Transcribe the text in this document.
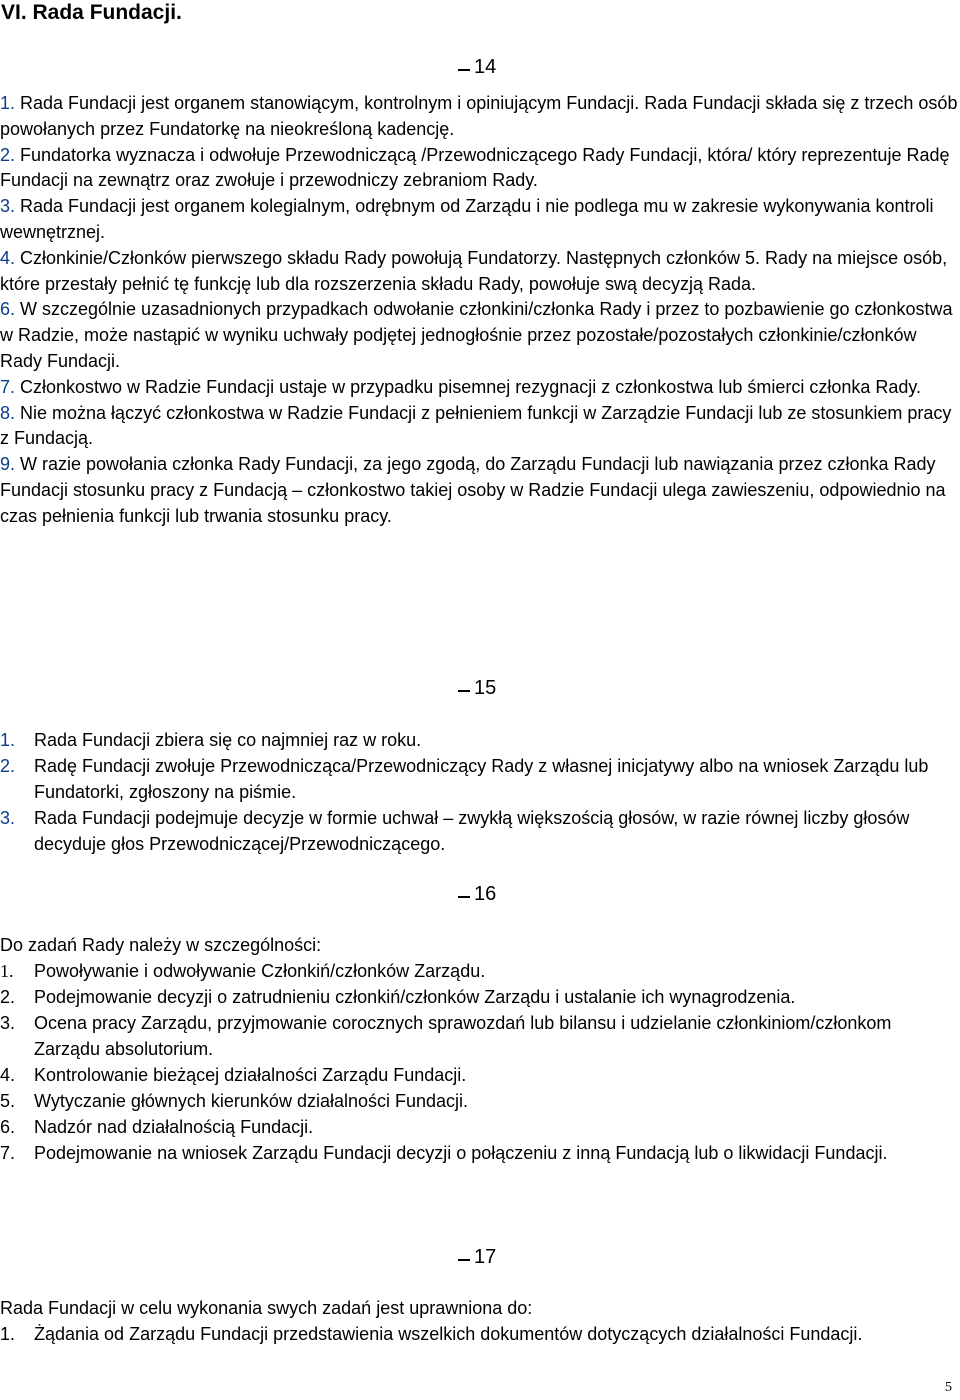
VI. Rada Fundacji.
14

1. Rada Fundacji jest organem stanowiącym, kontrolnym i opiniującym Fundacji. Rada Fundacji składa się z trzech osób powołanych przez Fundatorkę na nieokreśloną kadencję.

2. Fundatorka wyznacza i odwołuje Przewodniczącą /Przewodniczącego Rady Fundacji, która/ który reprezentuje Radę Fundacji na zewnątrz oraz zwołuje i przewodniczy zebraniom Rady.

3. Rada Fundacji jest organem kolegialnym, odrębnym od Zarządu i nie podlega mu w zakresie wykonywania kontroli wewnętrznej.

4. Członkinie/Członków pierwszego składu Rady powołują Fundatorzy. Następnych członków 5. Rady na miejsce osób, które przestały pełnić tę funkcję lub dla rozszerzenia składu Rady, powołuje swą decyzją Rada.

6. W szczególnie uzasadnionych przypadkach odwołanie członkini/członka Rady i przez to pozbawienie go członkostwa w Radzie, może nastąpić w wyniku uchwały podjętej jednogłośnie przez pozostałe/pozostałych członkinie/członków Rady Fundacji.

7. Członkostwo w Radzie Fundacji ustaje w przypadku pisemnej rezygnacji z członkostwa lub śmierci członka Rady.

8. Nie można łączyć członkostwa w Radzie Fundacji z pełnieniem funkcji w Zarządzie Fundacji lub ze stosunkiem pracy z Fundacją.

9. W razie powołania członka Rady Fundacji, za jego zgodą, do Zarządu Fundacji lub nawiązania przez członka Rady Fundacji stosunku pracy z Fundacją – członkostwo takiej osoby w Radzie Fundacji ulega zawieszeniu, odpowiednio na czas pełnienia funkcji lub trwania stosunku pracy.

15
1.	Rada Fundacji zbiera się co najmniej raz w roku.
2.	Radę Fundacji zwołuje Przewodnicząca/Przewodniczący Rady z własnej inicjatywy albo na wniosek Zarządu lub Fundatorki, zgłoszony na piśmie.
3.	Rada Fundacji podejmuje decyzje w formie uchwał – zwykłą większością głosów, w razie równej liczby głosów decyduje głos Przewodniczącej/Przewodniczącego.
16
Do zadań Rady należy w szczególności:
1.	Powoływanie i odwoływanie Członkiń/członków Zarządu.
2.	Podejmowanie decyzji o zatrudnieniu członkiń/członków Zarządu i ustalanie ich wynagrodzenia.
3.	Ocena pracy Zarządu, przyjmowanie corocznych sprawozdań lub bilansu i udzielanie członkiniom/członkom Zarządu absolutorium.
4.	Kontrolowanie bieżącej działalności Zarządu Fundacji.
5.	Wytyczanie głównych kierunków działalności Fundacji.
6.	Nadzór nad działalnością Fundacji.
7.	Podejmowanie na wniosek Zarządu Fundacji decyzji o połączeniu z inną Fundacją lub o likwidacji Fundacji.
17
Rada Fundacji w celu wykonania swych zadań jest uprawniona do:
1.	Żądania od Zarządu Fundacji przedstawienia wszelkich dokumentów dotyczących działalności Fundacji.
5
